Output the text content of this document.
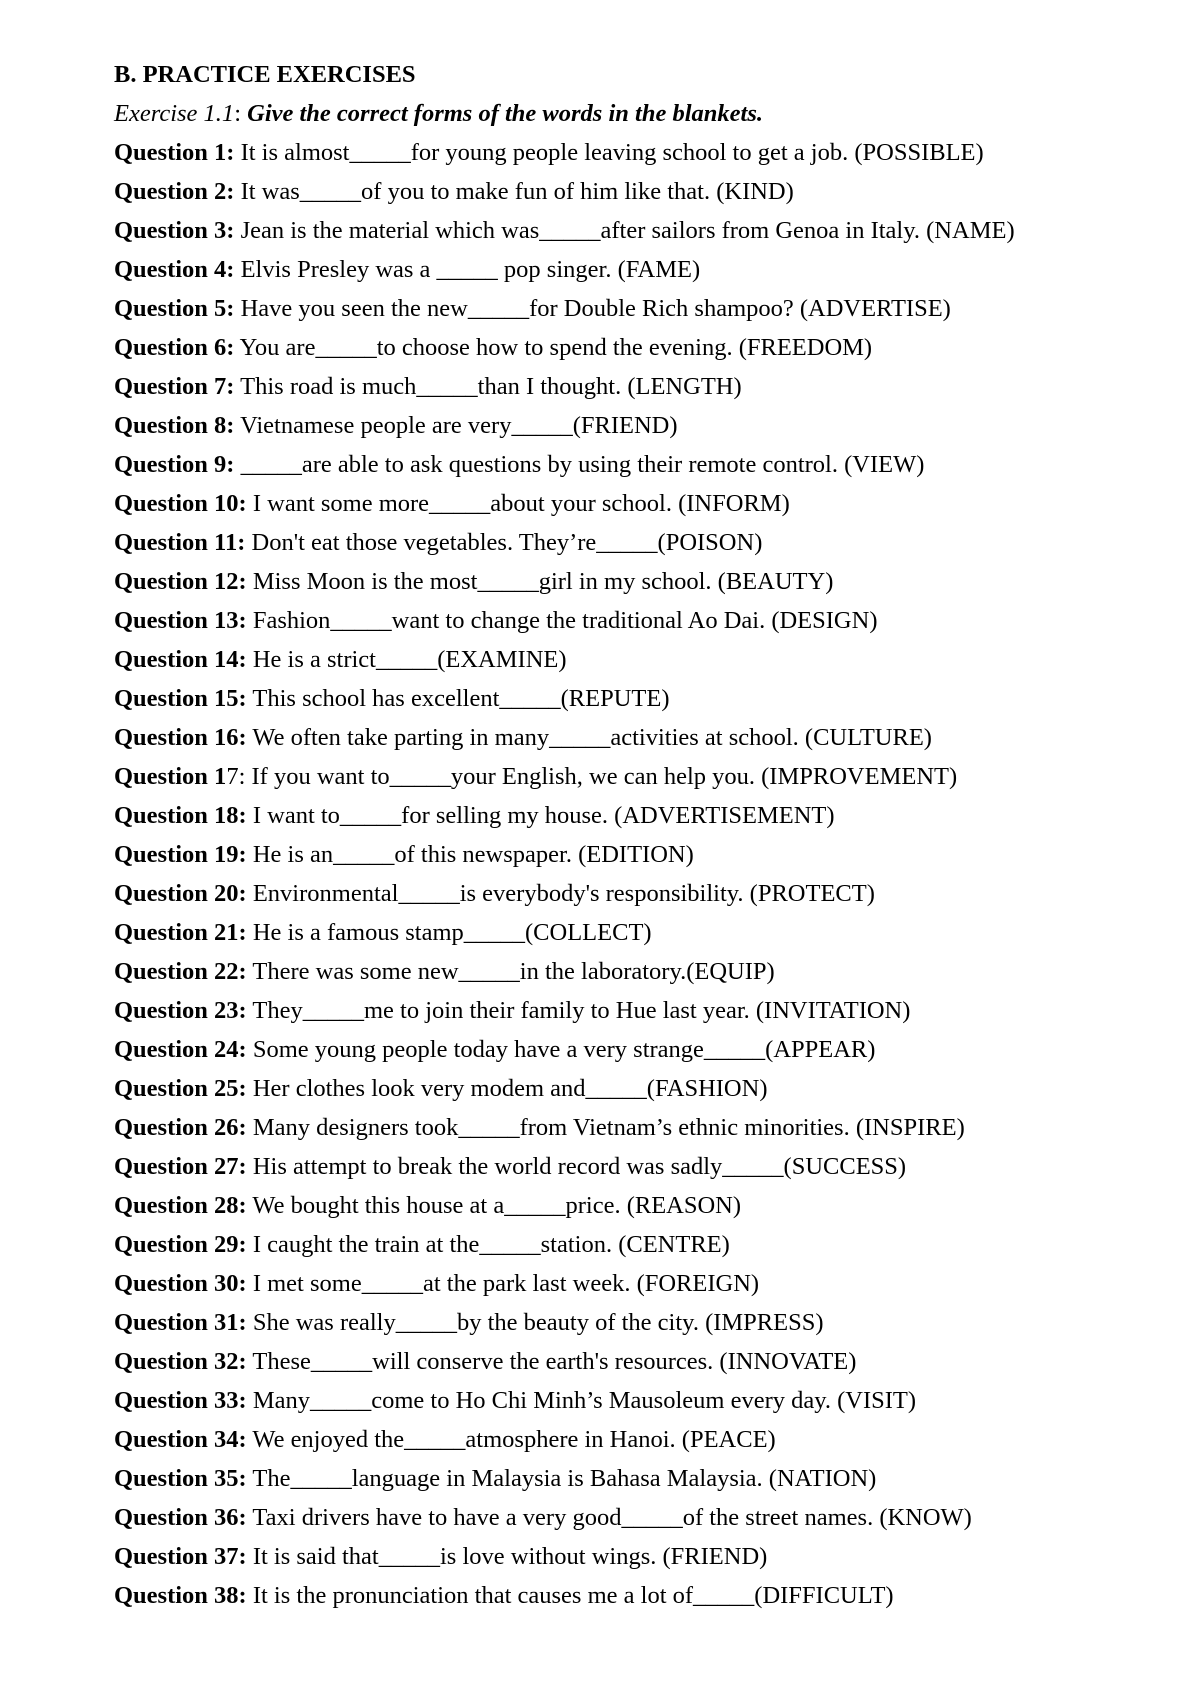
B. PRACTICE EXERCISES
Exercise 1.1: Give the correct forms of the words in the blankets.
Question 1: It is almost_____for young people leaving school to get a job. (POSSIBLE)
Question 2: It was_____of you to make fun of him like that. (KIND)
Question 3: Jean is the material which was_____after sailors from Genoa in Italy. (NAME)
Question 4: Elvis Presley was a _____ pop singer. (FAME)
Question 5: Have you seen the new_____for Double Rich shampoo? (ADVERTISE)
Question 6: You are_____to choose how to spend the evening. (FREEDOM)
Question 7: This road is much_____than I thought. (LENGTH)
Question 8: Vietnamese people are very_____(FRIEND)
Question 9: _____are able to ask questions by using their remote control. (VIEW)
Question 10: I want some more_____about your school. (INFORM)
Question 11: Don't eat those vegetables. They’re_____(POISON)
Question 12: Miss Moon is the most_____girl in my school. (BEAUTY)
Question 13: Fashion_____want to change the traditional Ao Dai. (DESIGN)
Question 14: He is a strict_____(EXAMINE)
Question 15: This school has excellent_____(REPUTE)
Question 16: We often take parting in many_____activities at school. (CULTURE)
Question 17: If you want to_____your English, we can help you. (IMPROVEMENT)
Question 18: I want to_____for selling my house. (ADVERTISEMENT)
Question 19: He is an_____of this newspaper. (EDITION)
Question 20: Environmental_____is everybody's responsibility. (PROTECT)
Question 21: He is a famous stamp_____(COLLECT)
Question 22: There was some new_____in the laboratory.(EQUIP)
Question 23: They_____me to join their family to Hue last year. (INVITATION)
Question 24: Some young people today have a very strange_____(APPEAR)
Question 25: Her clothes look very modem and_____(FASHION)
Question 26: Many designers took_____from Vietnam’s ethnic minorities. (INSPIRE)
Question 27: His attempt to break the world record was sadly_____(SUCCESS)
Question 28: We bought this house at a_____price. (REASON)
Question 29: I caught the train at the_____station. (CENTRE)
Question 30: I met some_____at the park last week. (FOREIGN)
Question 31: She was really_____by the beauty of the city. (IMPRESS)
Question 32: These_____will conserve the earth's resources. (INNOVATE)
Question 33: Many_____come to Ho Chi Minh’s Mausoleum every day. (VISIT)
Question 34: We enjoyed the_____atmosphere in Hanoi. (PEACE)
Question 35: The_____language in Malaysia is Bahasa Malaysia. (NATION)
Question 36: Taxi drivers have to have a very good_____of the street names. (KNOW)
Question 37: It is said that_____is love without wings. (FRIEND)
Question 38: It is the pronunciation that causes me a lot of_____(DIFFICULT)
